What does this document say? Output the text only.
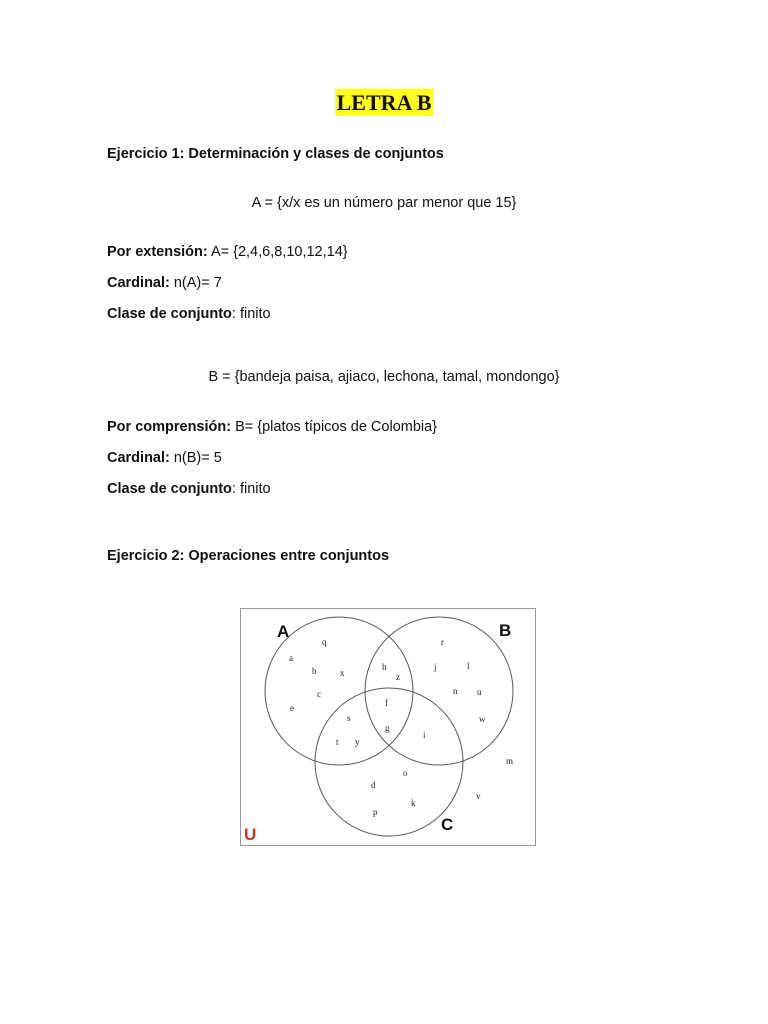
LETRA B
Ejercicio 1: Determinación y clases de conjuntos
A = {x/x es un número par menor que 15}
Por extensión: A= {2,4,6,8,10,12,14}
Cardinal: n(A)= 7
Clase de conjunto: finito
B = {bandeja paisa, ajiaco, lechona, tamal, mondongo}
Por comprensión: B= {platos típicos de Colombia}
Cardinal: n(B)= 5
Clase de conjunto: finito
Ejercicio 2: Operaciones entre conjuntos
A	B
C
U
a
q
b	x
c
e
h
z
f
g
r
j	l
n u
w
s
t y
i
o
d
k
p
m
v
